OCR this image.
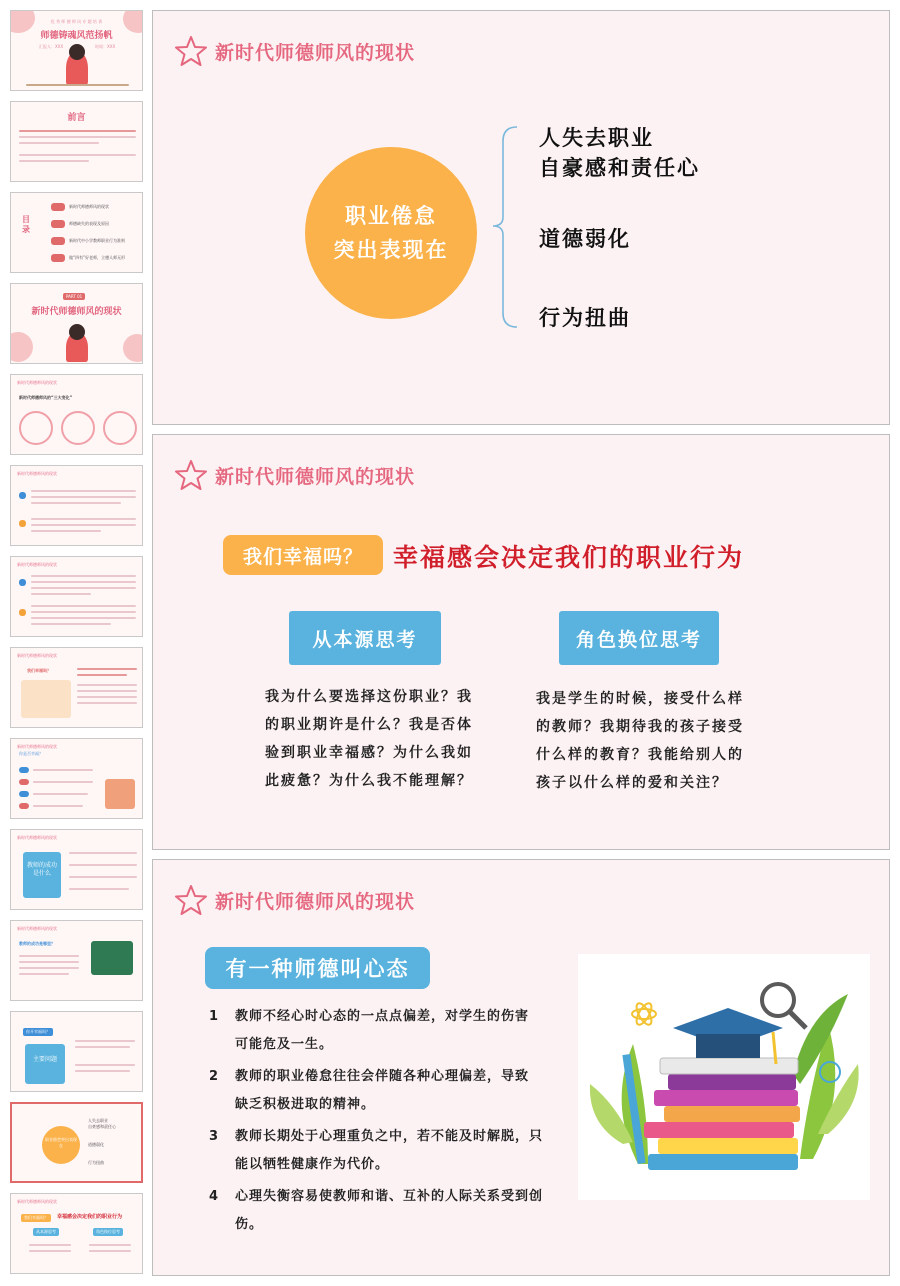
优 秀 师 德 师 风 专 题 培 训
师德铸魂风范扬帆
汇报人：XXX	时间：XXX
前言
目录
新时代师德师风的现状
师德缺失的表现及原因
新时代中小学教师职业行为准则
做“四有”好老师，立德人师无形
PART 01
新时代师德师风的现状
新时代师德师风的现状
新时代师德师风的“三大变化”
新时代师德师风的现状
新时代师德师风的现状
新时代师德师风的现状
我们幸福吗？
新时代师德师风的现状
你是否幸福？
新时代师德师风的现状
教师的成功是什么
新时代师德师风的现状
教师的成功是哪里？
你开幸福吗？
主要问题
职业倦怠突出表现在
人失去职业
自豪感和责任心
道德弱化
行为扭曲
新时代师德师风的现状
我们幸福吗？	幸福感会决定我们的职业行为
从本源思考	角色换位思考
新时代师德师风的现状
职业倦怠
突出表现在
人失去职业
自豪感和责任心
道德弱化
行为扭曲
新时代师德师风的现状
我们幸福吗？	幸福感会决定我们的职业行为
从本源思考	角色换位思考
我为什么要选择这份职业？我
的职业期许是什么？我是否体
验到职业幸福感？为什么我如
此疲惫？为什么我不能理解？
我是学生的时候，接受什么样
的教师？我期待我的孩子接受
什么样的教育？我能给别人的
孩子以什么样的爱和关注？
新时代师德师风的现状
有一种师德叫心态
1	教师不经心时心态的一点点偏差，对学生的伤害
可能危及一生。
2	教师的职业倦怠往往会伴随各种心理偏差，导致
缺乏积极进取的精神。
3	教师长期处于心理重负之中，若不能及时解脱，只
能以牺牲健康作为代价。
4	心理失衡容易使教师和谐、互补的人际关系受到创
伤。
